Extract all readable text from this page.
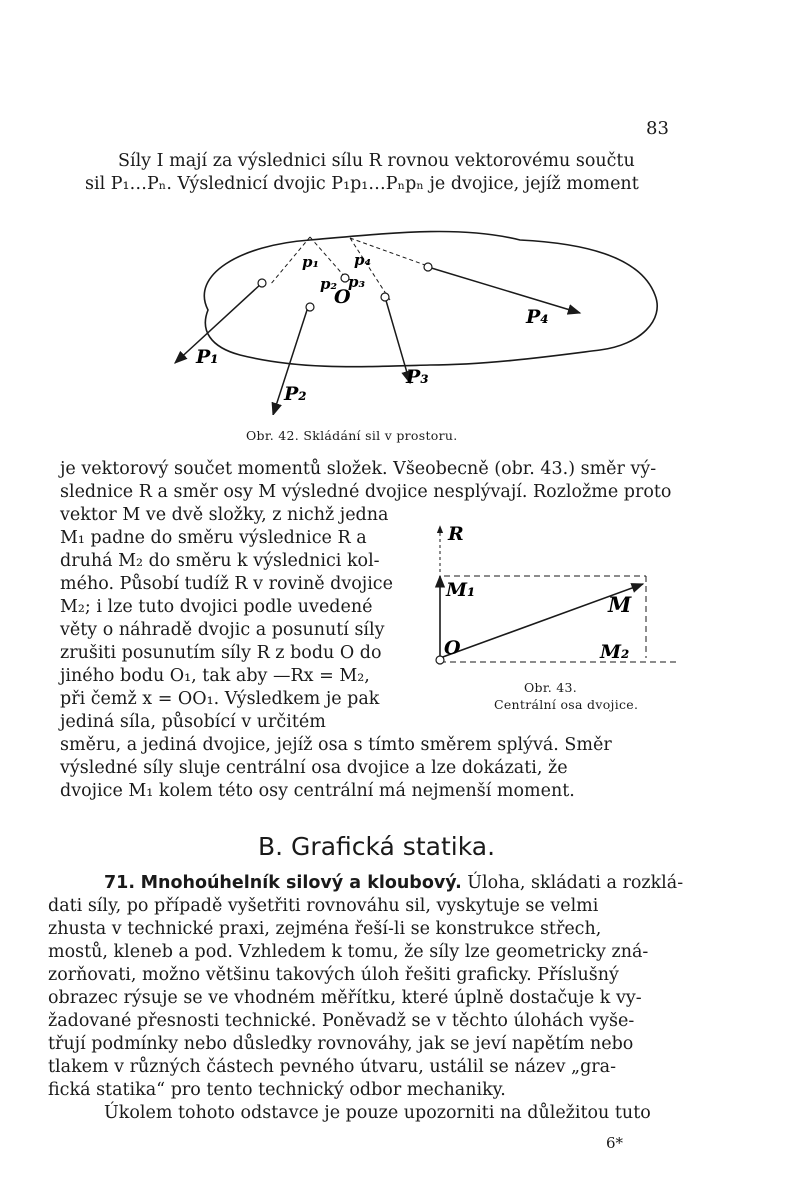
83
Síly I mají za výslednici sílu R rovnou vektorovému součtu
sil P₁…Pₙ. Výslednicí dvojic P₁p₁…Pₙpₙ je dvojice, jejíž moment
P₁
P₂
P₃
P₄
p₁
p₂ p₃
p₄
O
Obr. 42. Skládání sil v prostoru.
je vektorový součet momentů složek. Všeobecně (obr. 43.) směr vý-
slednice R a směr osy M výsledné dvojice nesplývají. Rozložme proto
vektor M ve dvě složky, z nichž jedna
M₁ padne do směru výslednice R a
druhá M₂ do směru k výslednici kol-
mého. Působí tudíž R v rovině dvojice
M₂; i lze tuto dvojici podle uvedené
věty o náhradě dvojic a posunutí síly
zrušiti posunutím síly R z bodu O do
jiného bodu O₁, tak aby —Rx = M₂,
při čemž x = OO₁. Výsledkem je pak
jediná síla, působící v určitém
směru, a jediná dvojice, jejíž osa s tímto směrem splývá. Směr
výsledné síly sluje centrální osa dvojice a lze dokázati, že
dvojice M₁ kolem této osy centrální má nejmenší moment.
R
M₁
M
O	M₂
Obr. 43.
Centrální osa dvojice.
B. Grafická statika.
71. Mnohoúhelník silový a kloubový. Úloha, skládati a rozklá-
dati síly, po případě vyšetřiti rovnováhu sil, vyskytuje se velmi
zhusta v technické praxi, zejména řeší-li se konstrukce střech,
mostů, kleneb a pod. Vzhledem k tomu, že síly lze geometricky zná-
zorňovati, možno většinu takových úloh řešiti graficky. Příslušný
obrazec rýsuje se ve vhodném měřítku, které úplně dostačuje k vy-
žadované přesnosti technické. Poněvadž se v těchto úlohách vyše-
třují podmínky nebo důsledky rovnováhy, jak se jeví napětím nebo
tlakem v různých částech pevného útvaru, ustálil se název „gra-
fická statika“ pro tento technický odbor mechaniky.
Úkolem tohoto odstavce je pouze upozorniti na důležitou tuto
6*
